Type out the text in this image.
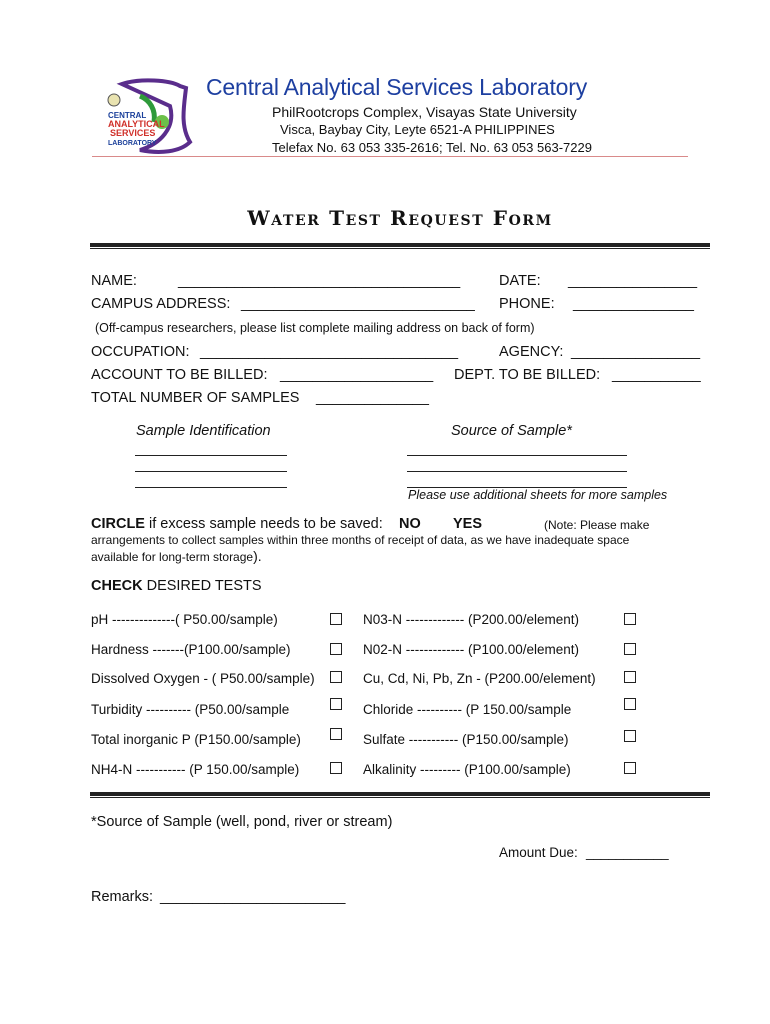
CENTRAL
ANALYTICAL
SERVICES
LABORATORY
Central Analytical Services Laboratory
PhilRootcrops Complex, Visayas State University
Visca, Baybay City, Leyte 6521-A PHILIPPINES
Telefax No. 63 053 335-2616; Tel. No. 63 053 563-7229
Water Test Request Form
NAME:	___________________________________	DATE: ________________
CAMPUS ADDRESS: _____________________________ PHONE: _______________
(Off-campus researchers, please list complete mailing address on back of form)
OCCUPATION: ________________________________	AGENCY: ________________
ACCOUNT TO BE BILLED: ___________________ DEPT. TO BE BILLED: ___________
TOTAL NUMBER OF SAMPLES ______________
Sample Identification	Source of Sample*
Please use additional sheets for more samples
CIRCLE if excess sample needs to be saved: NO YES	(Note: Please make
arrangements to collect samples within three months of receipt of data, as we have inadequate space
available for long-term storage).
CHECK DESIRED TESTS
pH --------------( P50.00/sample)	N03-N ------------- (P200.00/element)
Hardness -------(P100.00/sample)	N02-N ------------- (P100.00/element)
Dissolved Oxygen - ( P50.00/sample)	Cu, Cd, Ni, Pb, Zn - (P200.00/element)
Turbidity ---------- (P50.00/sample	Chloride ---------- (P 150.00/sample
Total inorganic P (P150.00/sample)	Sulfate ----------- (P150.00/sample)
NH4-N ----------- (P 150.00/sample)	Alkalinity --------- (P100.00/sample)
*Source of Sample (well, pond, river or stream)
Amount Due: ___________
Remarks: _______________________
